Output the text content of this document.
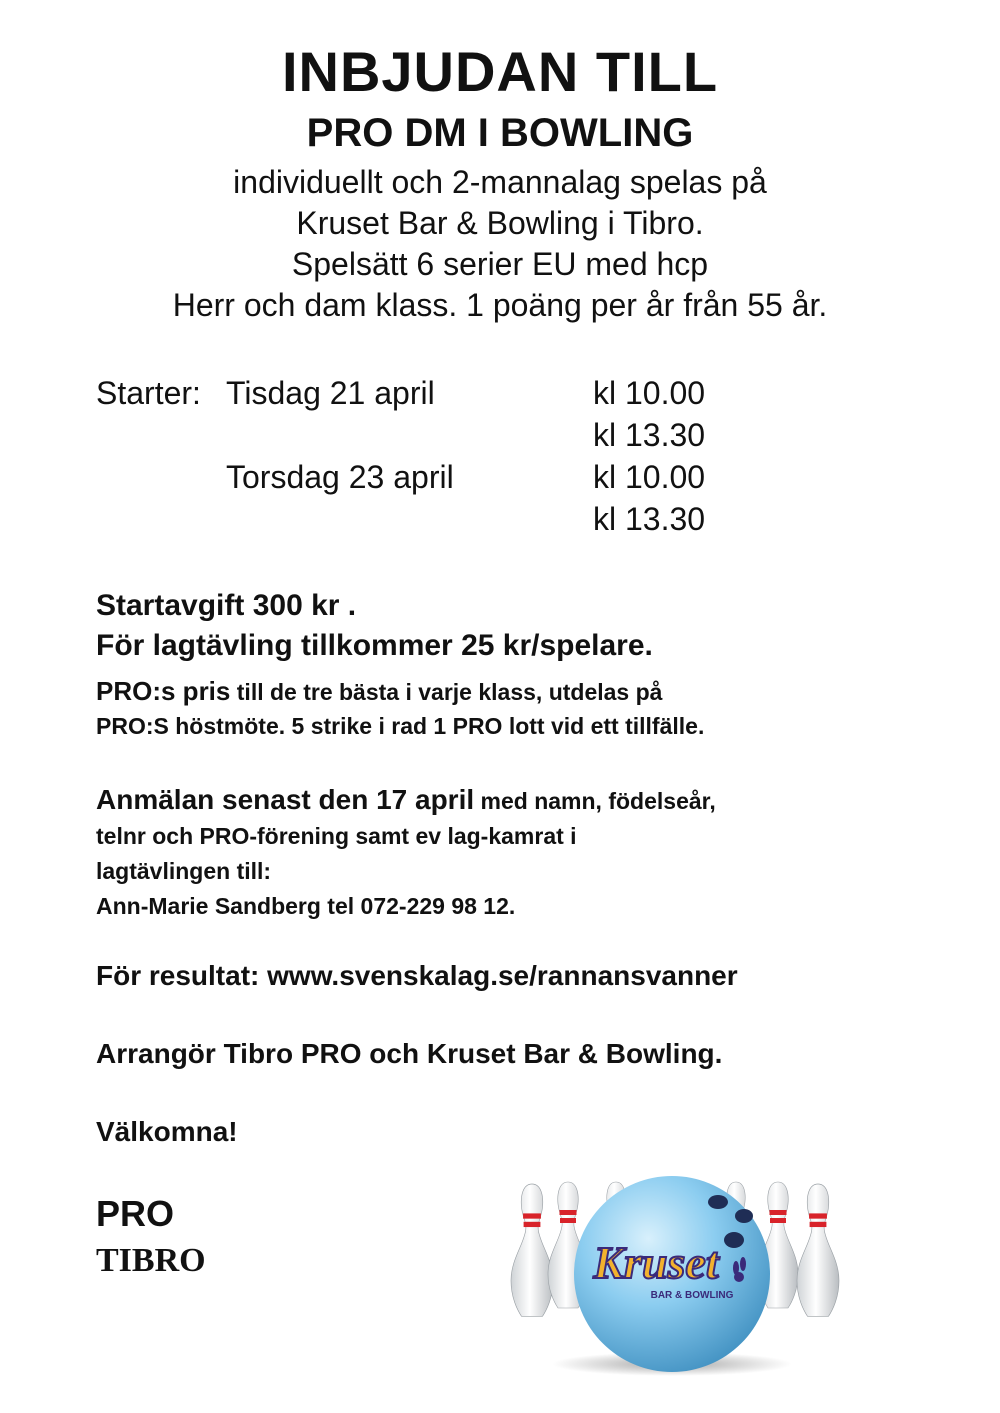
INBJUDAN TILL
PRO DM I BOWLING
individuellt och 2-mannalag spelas på
Kruset Bar & Bowling i Tibro.
Spelsätt 6 serier EU med hcp
Herr och dam klass. 1 poäng per år från 55 år.
Starter: Tisdag 21 april	kl 10.00
kl 13.30
Torsdag 23 april	kl 10.00
kl 13.30
Startavgift 300 kr .
För lagtävling tillkommer 25 kr/spelare.
PRO:s pris till de tre bästa i varje klass, utdelas på
PRO:S höstmöte. 5 strike i rad 1 PRO lott vid ett tillfälle.
Anmälan senast den 17 april med namn, födelseår,
telnr och PRO-förening samt ev lag-kamrat i
lagtävlingen till:
Ann-Marie Sandberg tel 072-229 98 12.
För resultat: www.svenskalag.se/rannansvanner
Arrangör Tibro PRO och Kruset Bar & Bowling.
Välkomna!
PRO
TIBRO	Kruset
BAR & BOWLING
